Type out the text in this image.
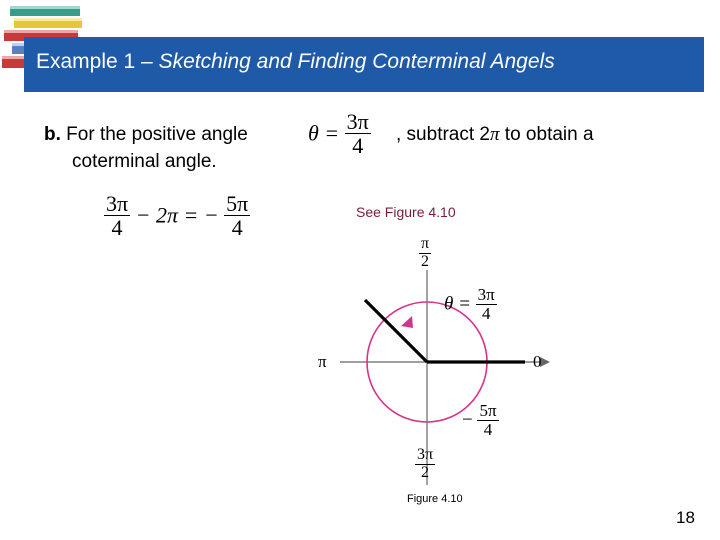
Example 1 – Sketching and Finding Conterminal Angels
b. For the positive angle	$\theta = \frac{3\pi}{4}$ , subtract 2π to obtain a
coterminal angle.
$\frac{3\pi}{4} - 2\pi$ = − $\frac{5\pi}{4}$	See Figure 4.10
$\frac{\pi}{2}$
π	0
$\theta = \frac{3\pi}{4}$
− $\frac{5\pi}{4}$
$\frac{3\pi}{2}$
Figure 4.10
18
